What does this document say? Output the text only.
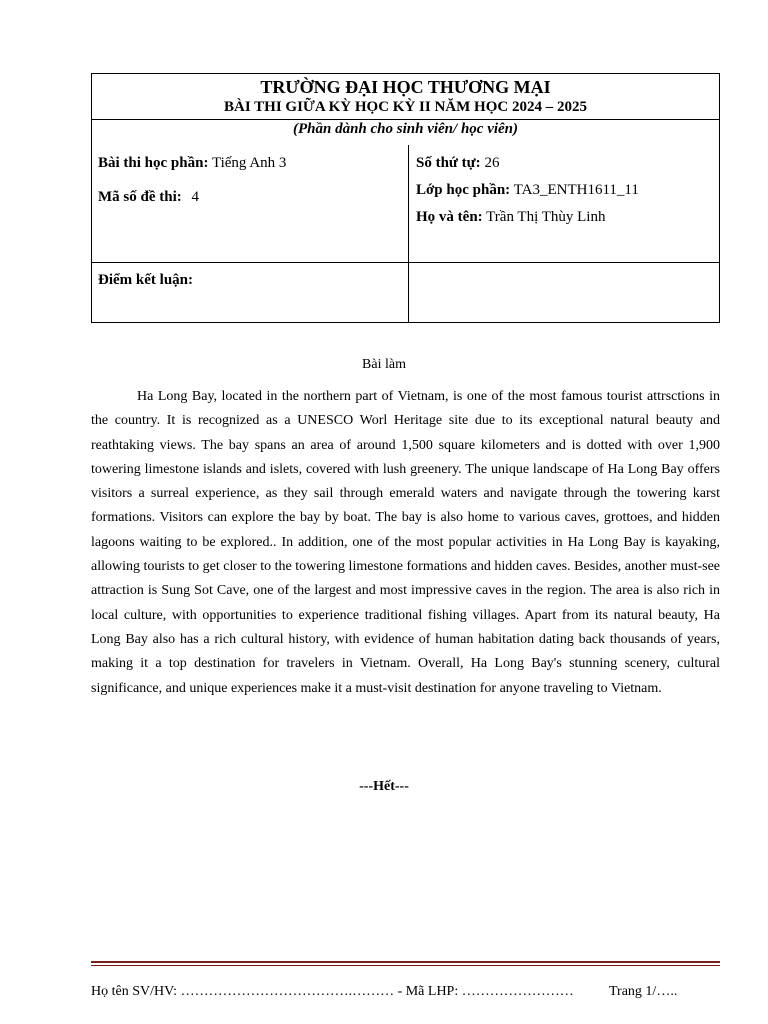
TRƯỜNG ĐẠI HỌC THƯƠNG MẠI
BÀI THI GIỮA KỲ HỌC KỲ II NĂM HỌC 2024 – 2025
(Phần dành cho sinh viên/ học viên)
Bài thi học phần: Tiếng Anh 3
Mã số đề thi: 4
Số thứ tự: 26
Lớp học phần: TA3_ENTH1611_11
Họ và tên: Trần Thị Thùy Linh
Điểm kết luận:
Bài làm

Ha Long Bay, located in the northern part of Vietnam, is one of the most famous tourist attrsctions in the country. It is recognized as a UNESCO Worl Heritage site due to its exceptional natural beauty and reathtaking views. The bay spans an area of around 1,500 square kilometers and is dotted with over 1,900 towering limestone islands and islets, covered with lush greenery. The unique landscape of Ha Long Bay offers visitors a surreal experience, as they sail through emerald waters and navigate through the towering karst formations. Visitors can explore the bay by boat. The bay is also home to various caves, grottoes, and hidden lagoons waiting to be explored.. In addition, one of the most popular activities in Ha Long Bay is kayaking, allowing tourists to get closer to the towering limestone formations and hidden caves. Besides, another must-see attraction is Sung Sot Cave, one of the largest and most impressive caves in the region. The area is also rich in local culture, with opportunities to experience traditional fishing villages. Apart from its natural beauty, Ha Long Bay also has a rich cultural history, with evidence of human habitation dating back thousands of years, making it a top destination for travelers in Vietnam. Overall, Ha Long Bay's stunning scenery, cultural significance, and unique experiences make it a must-visit destination for anyone traveling to Vietnam.

---Hết---
Họ tên SV/HV: ……………………………….……… - Mã LHP: ……………………	Trang 1/…..
